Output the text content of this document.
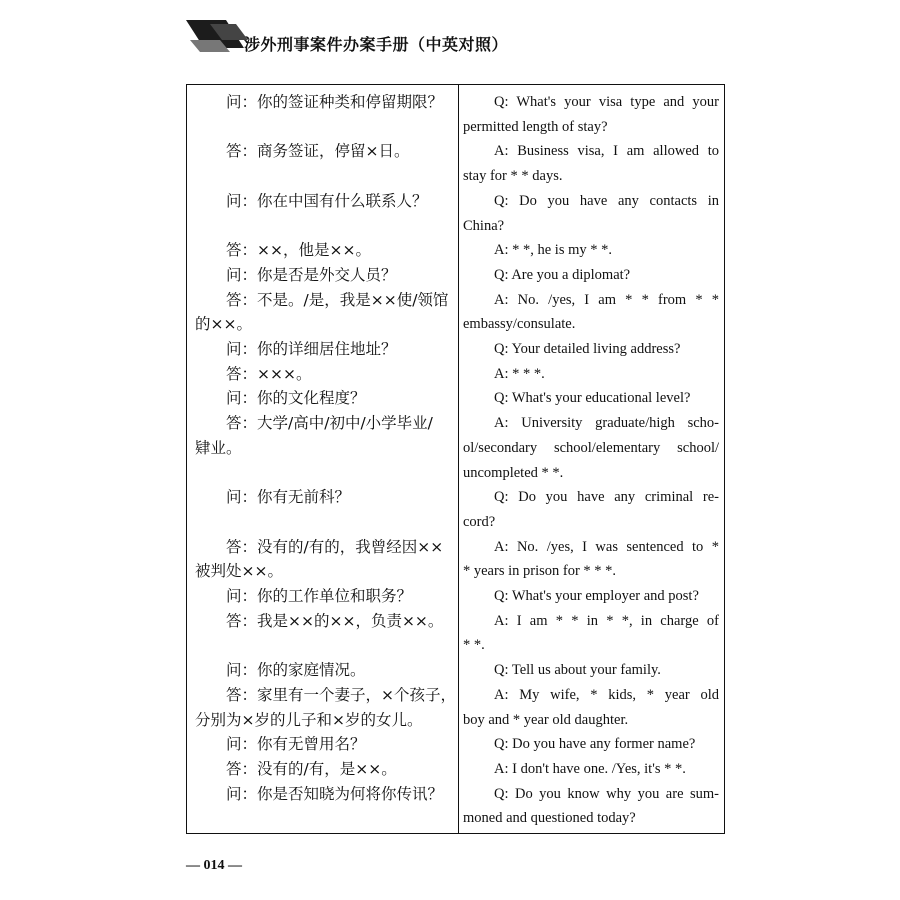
涉外刑事案件办案手册（中英对照）
问：你的签证种类和停留期限？
答：商务签证，停留×日。
问：你在中国有什么联系人？
答：××，他是××。
问：你是否是外交人员？
答：不是。/是，我是××使/领馆
的××。
问：你的详细居住地址？
答：×××。
问：你的文化程度？
答：大学/高中/初中/小学毕业/
肄业。
问：你有无前科？
答：没有的/有的，我曾经因××
被判处××。
问：你的工作单位和职务？
答：我是××的××，负责××。
问：你的家庭情况。
答：家里有一个妻子，×个孩子，
分别为×岁的儿子和×岁的女儿。
问：你有无曾用名？
答：没有的/有，是××。
问：你是否知晓为何将你传讯？
Q: What's your visa type and your
permitted length of stay?
A: Business visa, I am allowed to
stay for * * days.
Q: Do you have any contacts in
China?
A: * *, he is my * *.
Q: Are you a diplomat?
A: No. /yes, I am * * from * *
embassy/consulate.
Q: Your detailed living address?
A: * * *.
Q: What's your educational level?
A: University graduate/high scho-
ol/secondary school/elementary school/
uncompleted * *.
Q: Do you have any criminal re-
cord?
A: No. /yes, I was sentenced to *
* years in prison for * * *.
Q: What's your employer and post?
A: I am * * in * *, in charge of
* *.
Q: Tell us about your family.
A: My wife, * kids, * year old
boy and * year old daughter.
Q: Do you have any former name?
A: I don't have one. /Yes, it's * *.
Q: Do you know why you are sum-
moned and questioned today?
— 014 —
